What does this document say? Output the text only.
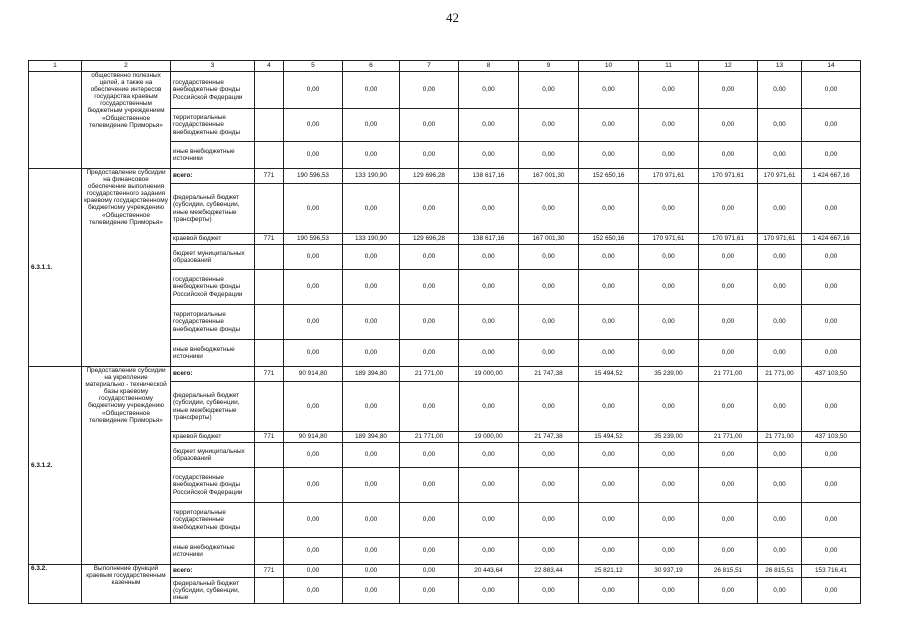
42
1	2	3	4	5	6	7	8	9	10	11	12	13	14
	общественно полезных целей, а также на обеспечение интересов государства краевым государственным бюджетным учреждением «Общественное телевидение Приморья»	государственные внебюджетные фонды Российской Федерации		0,00	0,00	0,00	0,00	0,00	0,00	0,00	0,00	0,00	0,00
		территориальные государственные внебюджетные фонды		0,00	0,00	0,00	0,00	0,00	0,00	0,00	0,00	0,00	0,00
		иные внебюджетные источники		0,00	0,00	0,00	0,00	0,00	0,00	0,00	0,00	0,00	0,00
6.3.1.1.	Предоставление субсидии на финансовое обеспечение выполнения государственного задания краевому государственному бюджетному учреждению «Общественное телевидение Приморья»	всего:	771	190 596,53	133 190,90	129 696,28	138 617,16	167 001,30	152 650,16	170 971,61	170 971,61	170 971,61	1 424 667,16
		федеральный бюджет (субсидии, субвенции, иные межбюджетные трансферты)		0,00	0,00	0,00	0,00	0,00	0,00	0,00	0,00	0,00	0,00
		краевой бюджет	771	190 596,53	133 190,90	129 696,28	138 617,16	167 001,30	152 650,16	170 971,61	170 971,61	170 971,61	1 424 667,16
		бюджет муниципальных образований		0,00	0,00	0,00	0,00	0,00	0,00	0,00	0,00	0,00	0,00
		государственные внебюджетные фонды Российской Федерации		0,00	0,00	0,00	0,00	0,00	0,00	0,00	0,00	0,00	0,00
		территориальные государственные внебюджетные фонды		0,00	0,00	0,00	0,00	0,00	0,00	0,00	0,00	0,00	0,00
		иные внебюджетные источники		0,00	0,00	0,00	0,00	0,00	0,00	0,00	0,00	0,00	0,00
6.3.1.2.	Предоставление субсидии на укрепление материально - технической базы краевому государственному бюджетному учреждению «Общественное телевидение Приморья»	всего:	771	90 914,80	189 394,80	21 771,00	19 000,00	21 747,38	15 494,52	35 239,00	21 771,00	21 771,00	437 103,50
		федеральный бюджет (субсидии, субвенции, иные межбюджетные трансферты)		0,00	0,00	0,00	0,00	0,00	0,00	0,00	0,00	0,00	0,00
		краевой бюджет	771	90 914,80	189 394,80	21 771,00	19 000,00	21 747,38	15 494,52	35 239,00	21 771,00	21 771,00	437 103,50
		бюджет муниципальных образований		0,00	0,00	0,00	0,00	0,00	0,00	0,00	0,00	0,00	0,00
		государственные внебюджетные фонды Российской Федерации		0,00	0,00	0,00	0,00	0,00	0,00	0,00	0,00	0,00	0,00
		территориальные государственные внебюджетные фонды		0,00	0,00	0,00	0,00	0,00	0,00	0,00	0,00	0,00	0,00
		иные внебюджетные источники		0,00	0,00	0,00	0,00	0,00	0,00	0,00	0,00	0,00	0,00
6.3.2.	Выполнение функций краевым государственным казенным	всего:	771	0,00	0,00	0,00	20 443,64	22 883,44	25 821,12	30 937,19	26 815,51	26 815,51	153 716,41
		федеральный бюджет (субсидии, субвенции, иные		0,00	0,00	0,00	0,00	0,00	0,00	0,00	0,00	0,00	0,00
